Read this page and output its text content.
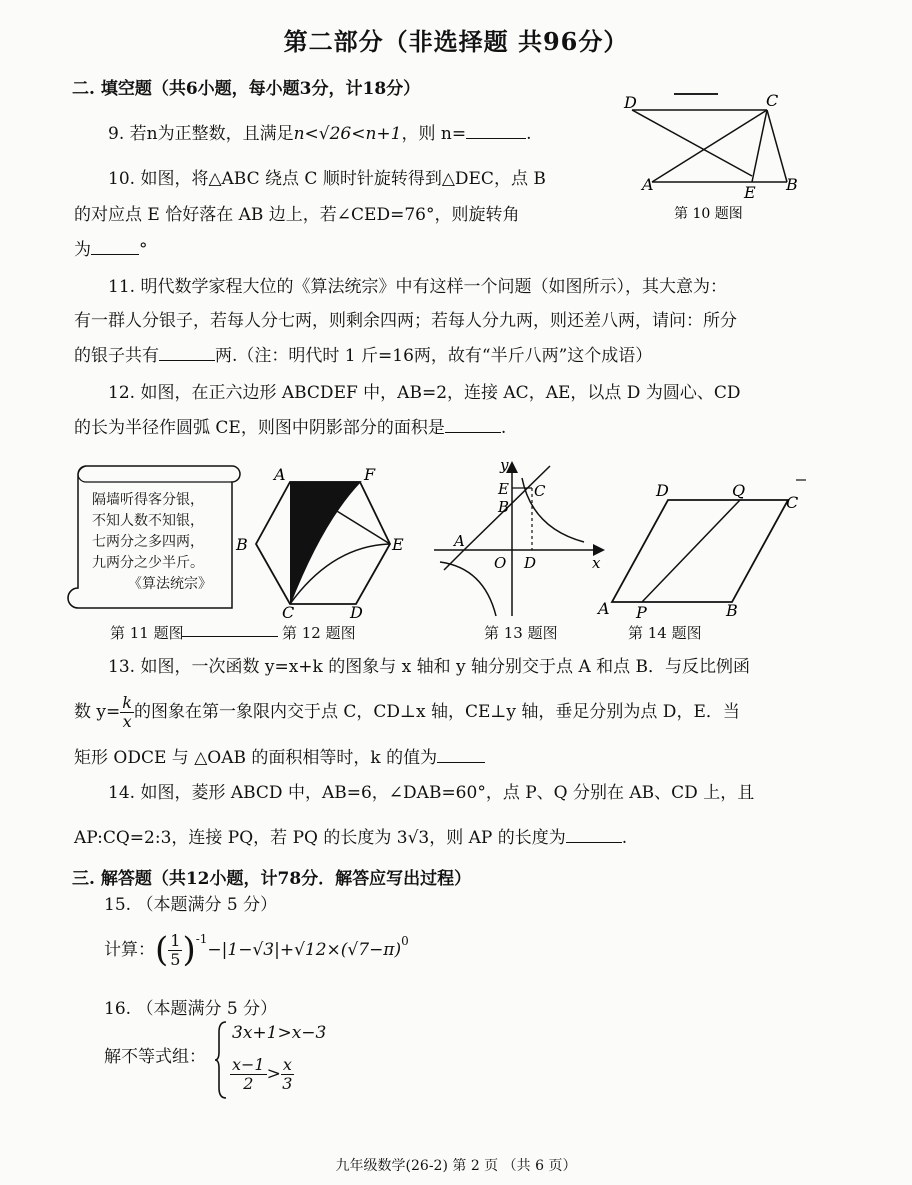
第二部分（非选择题 共96分）
二. 填空题（共6小题，每小题3分，计18分）
9. 若n为正整数，且满足n<√26<n+1，则 n=	.
10. 如图，将△ABC 绕点 C 顺时针旋转得到△DEC，点 B
的对应点 E 恰好落在 AB 边上，若∠CED=76°，则旋转角
为	°
D	C
A	E B
第 10 题图
11. 明代数学家程大位的《算法统宗》中有这样一个问题（如图所示），其大意为：
有一群人分银子，若每人分七两，则剩余四两；若每人分九两，则还差八两，请问：所分
的银子共有	两.（注：明代时 1 斤=16两，故有“半斤八两”这个成语）
12. 如图，在正六边形 ABCDEF 中，AB=2，连接 AC，AE，以点 D 为圆心、CD
的长为半径作圆弧 CE，则图中阴影部分的面积是	.
隔墙听得客分银，
不知人数不知银，
七两分之多四两，
九两分之少半斤。
《算法统宗》
第 11 题图
A	F
B	E
C	D
第 12 题图
y
E C
B
A
O D	x
第 13 题图
D	Q
C
A P	B
第 14 题图
13. 如图，一次函数 y=x+k 的图象与 x 轴和 y 轴分别交于点 A 和点 B．与反比例函
数 $y= \frac{k}{x}$ 的图象在第一象限内交于点 C，CD⊥x 轴，CE⊥y 轴，垂足分别为点 D，E．当
矩形 ODCE 与 △OAB 的面积相等时，k 的值为
14. 如图，菱形 ABCD 中，AB=6，∠DAB=60°，点 P、Q 分别在 AB、CD 上，且
AP:CQ=2:3，连接 PQ，若 PQ 的长度为 3√3，则 AP 的长度为	.
三. 解答题（共12小题，计78分．解答应写出过程）
15. （本题满分 5 分）
计算： ( $\frac{1}{5} )^{-1}$
$-|1-√3|+√12\times(√7-\pi)^0$
16. （本题满分 5 分）
解不等式组：
3x+1>x−3
$\frac{x-1}{2} > \frac{x}{3}$
九年级数学(26-2) 第 2 页 （共 6 页）
